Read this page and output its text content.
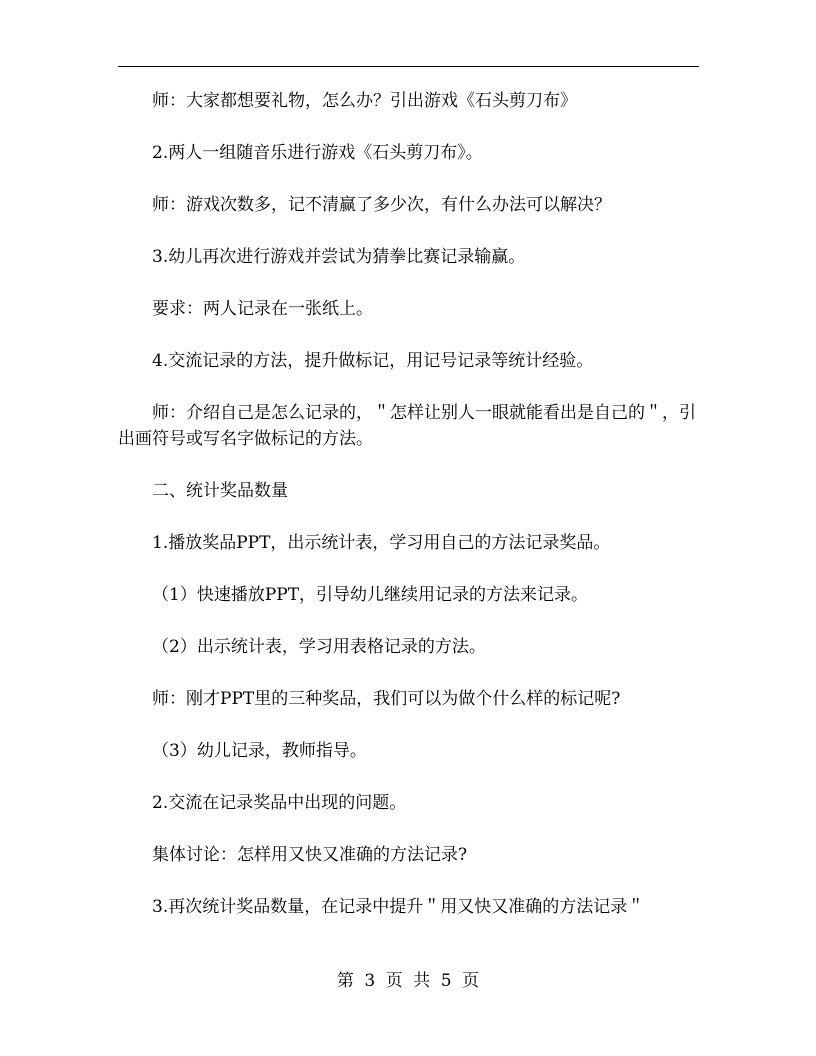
师：大家都想要礼物，怎么办？引出游戏《石头剪刀布》

2.两人一组随音乐进行游戏《石头剪刀布》。

师：游戏次数多，记不清赢了多少次，有什么办法可以解决？

3.幼儿再次进行游戏并尝试为猜拳比赛记录输赢。

要求：两人记录在一张纸上。

4.交流记录的方法，提升做标记，用记号记录等统计经验。

师：介绍自己是怎么记录的，＂怎样让别人一眼就能看出是自己的＂，引出画符号或写名字做标记的方法。

二、统计奖品数量

1.播放奖品PPT，出示统计表，学习用自己的方法记录奖品。

（1）快速播放PPT，引导幼儿继续用记录的方法来记录。

（2）出示统计表，学习用表格记录的方法。

师：刚才PPT里的三种奖品，我们可以为做个什么样的标记呢?

（3）幼儿记录，教师指导。

2.交流在记录奖品中出现的问题。

集体讨论：怎样用又快又准确的方法记录?

3.再次统计奖品数量，在记录中提升＂用又快又准确的方法记录＂

第 3 页 共 5 页
